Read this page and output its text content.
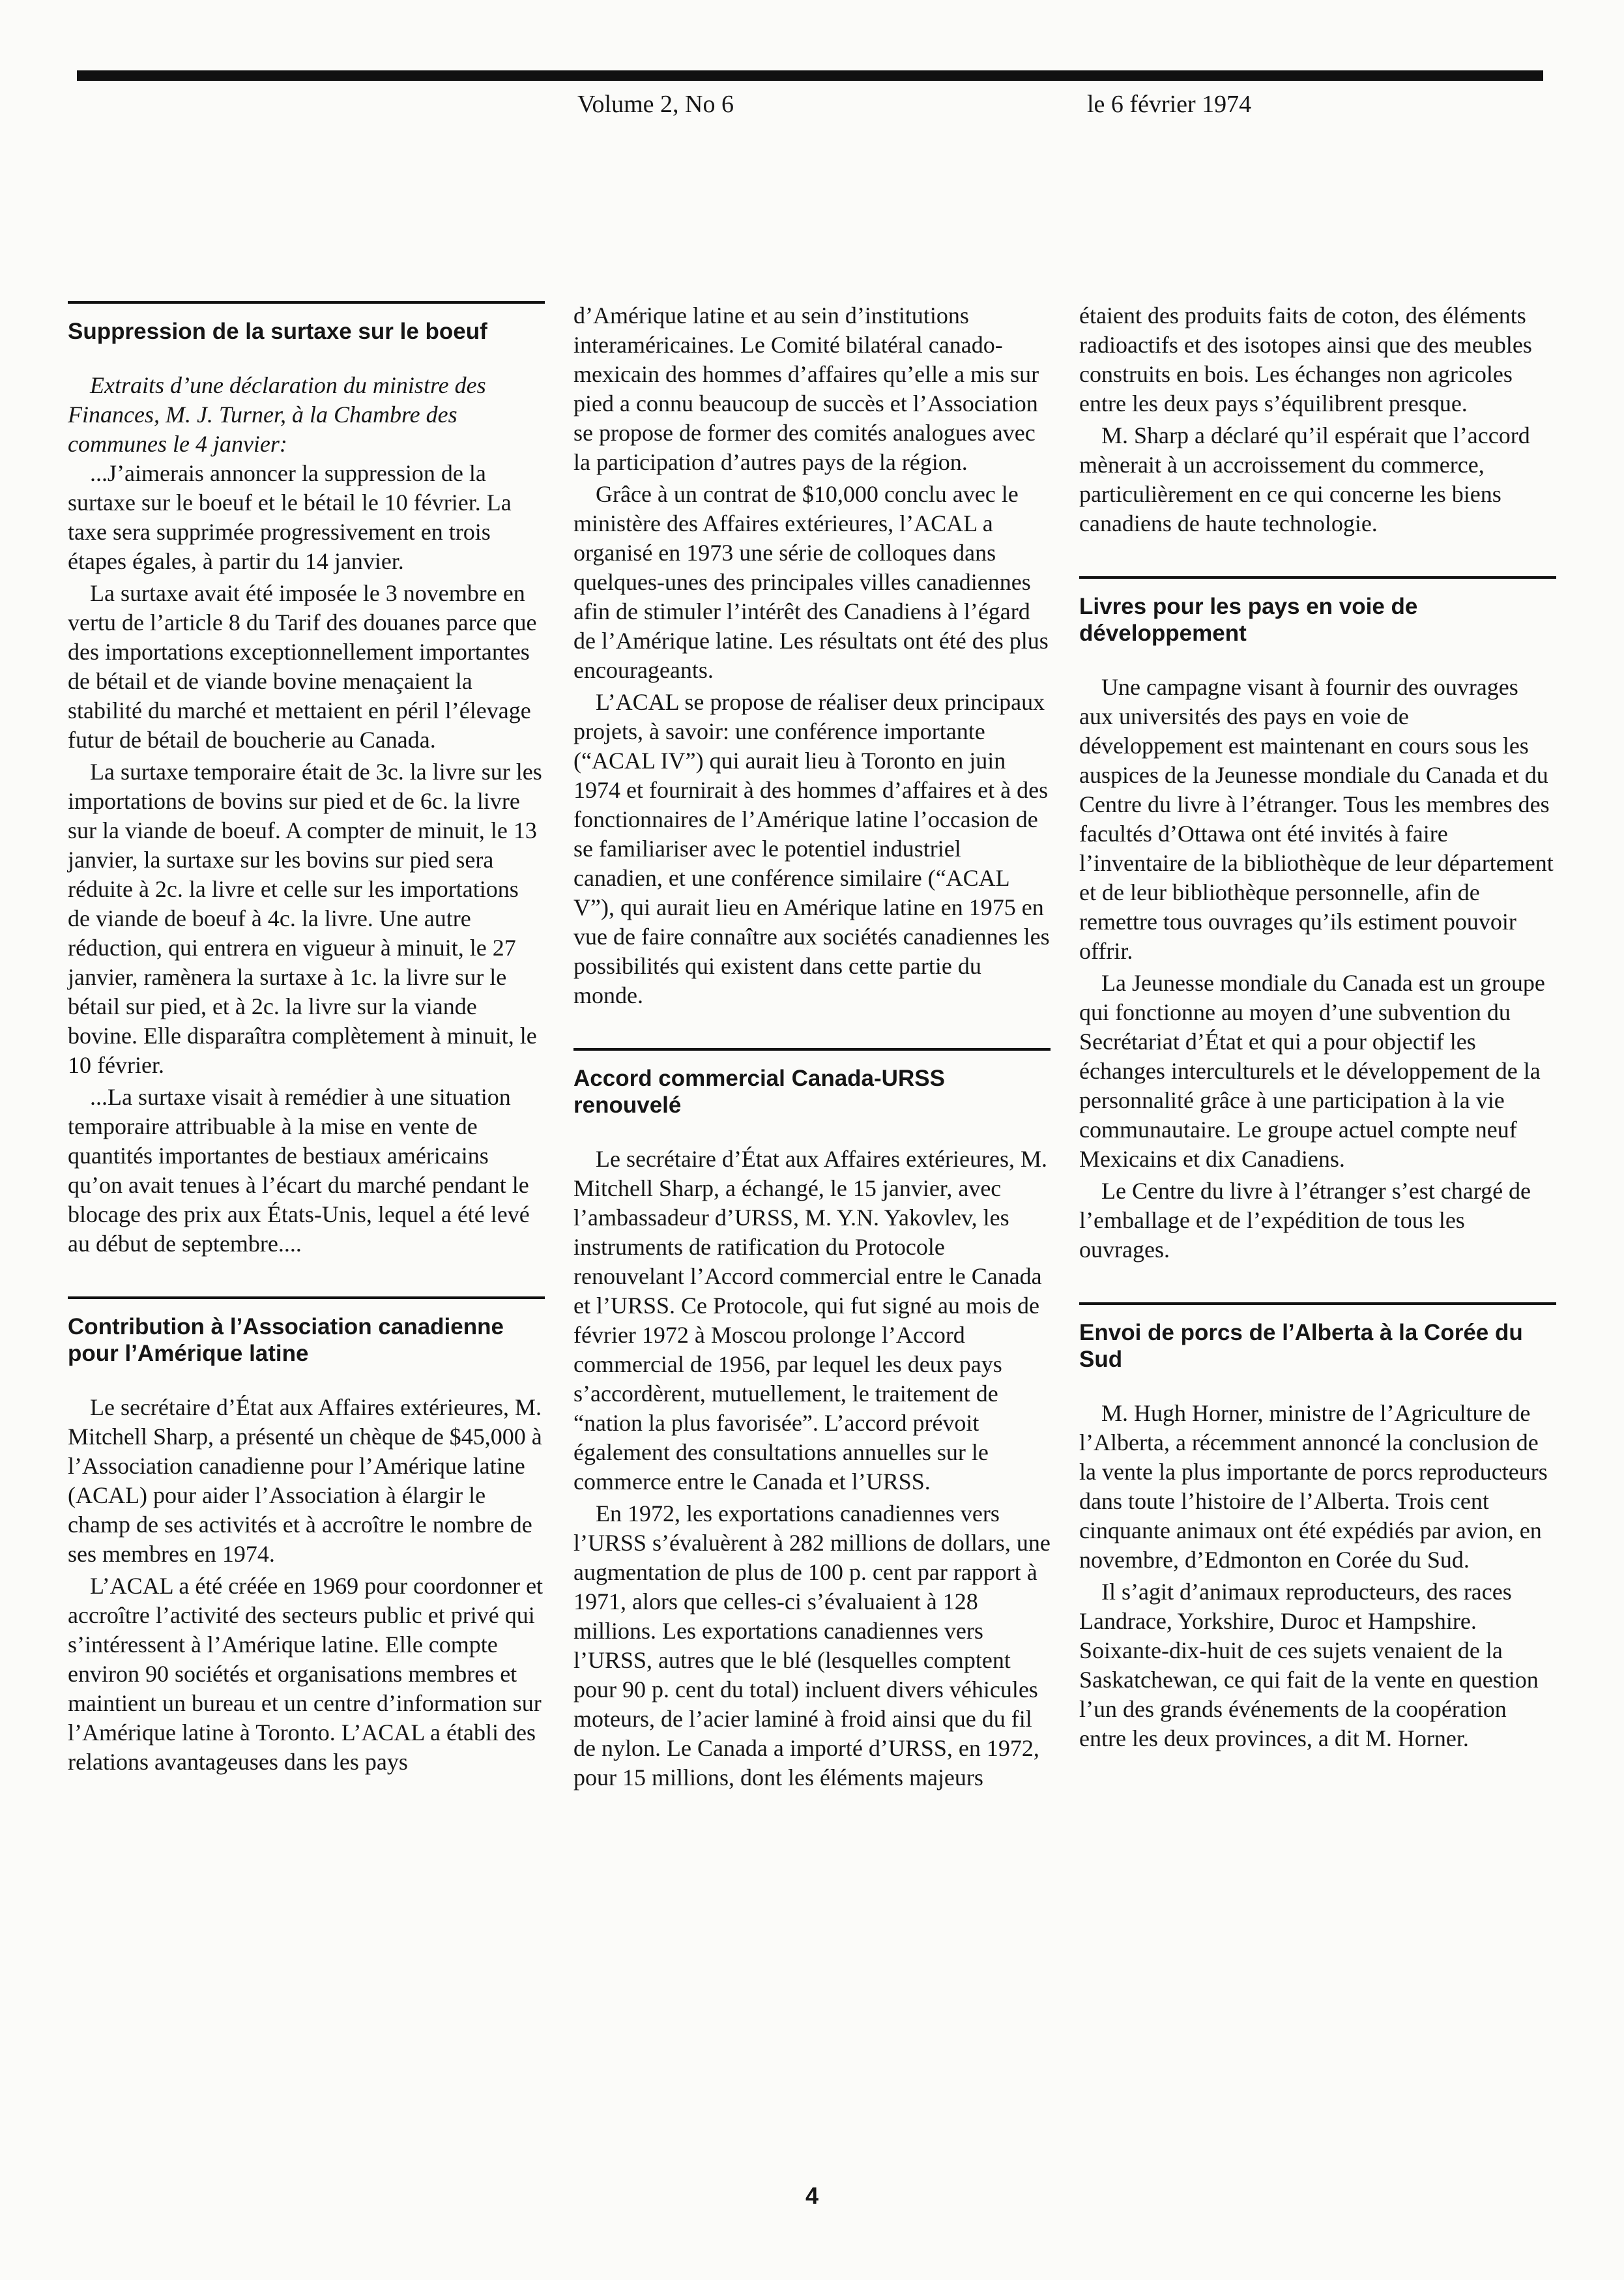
Volume 2, No 6	le 6 février 1974
Suppression de la surtaxe sur le boeuf

Extraits d’une déclaration du ministre des Finances, M. J. Turner, à la Chambre des communes le 4 janvier:

...J’aimerais annoncer la suppression de la surtaxe sur le boeuf et le bétail le 10 février. La taxe sera supprimée progressivement en trois étapes égales, à partir du 14 janvier.

La surtaxe avait été imposée le 3 novembre en vertu de l’article 8 du Tarif des douanes parce que des importations exceptionnellement importantes de bétail et de viande bovine menaçaient la stabilité du marché et mettaient en péril l’élevage futur de bétail de boucherie au Canada.

La surtaxe temporaire était de 3c. la livre sur les importations de bovins sur pied et de 6c. la livre sur la viande de boeuf. A compter de minuit, le 13 janvier, la surtaxe sur les bovins sur pied sera réduite à 2c. la livre et celle sur les importations de viande de boeuf à 4c. la livre. Une autre réduction, qui entrera en vigueur à minuit, le 27 janvier, ramènera la surtaxe à 1c. la livre sur le bétail sur pied, et à 2c. la livre sur la viande bovine. Elle disparaîtra complètement à minuit, le 10 février.

...La surtaxe visait à remédier à une situation temporaire attribuable à la mise en vente de quantités importantes de bestiaux américains qu’on avait tenues à l’écart du marché pendant le blocage des prix aux États-Unis, lequel a été levé au début de septembre....

Contribution à l’Association canadienne pour l’Amérique latine

Le secrétaire d’État aux Affaires extérieures, M. Mitchell Sharp, a présenté un chèque de $45,000 à l’Association canadienne pour l’Amérique latine (ACAL) pour aider l’Association à élargir le champ de ses activités et à accroître le nombre de ses membres en 1974.

L’ACAL a été créée en 1969 pour coordonner et accroître l’activité des secteurs public et privé qui s’intéressent à l’Amérique latine. Elle compte environ 90 sociétés et organisations membres et maintient un bureau et un centre d’information sur l’Amérique latine à Toronto. L’ACAL a établi des relations avantageuses dans les pays

d’Amérique latine et au sein d’institutions interaméricaines. Le Comité bilatéral canado-mexicain des hommes d’affaires qu’elle a mis sur pied a connu beaucoup de succès et l’Association se propose de former des comités analogues avec la participation d’autres pays de la région.

Grâce à un contrat de $10,000 conclu avec le ministère des Affaires extérieures, l’ACAL a organisé en 1973 une série de colloques dans quelques-unes des principales villes canadiennes afin de stimuler l’intérêt des Canadiens à l’égard de l’Amérique latine. Les résultats ont été des plus encourageants.

L’ACAL se propose de réaliser deux principaux projets, à savoir: une conférence importante (“ACAL IV”) qui aurait lieu à Toronto en juin 1974 et fournirait à des hommes d’affaires et à des fonctionnaires de l’Amérique latine l’occasion de se familiariser avec le potentiel industriel canadien, et une conférence similaire (“ACAL V”), qui aurait lieu en Amérique latine en 1975 en vue de faire connaître aux sociétés canadiennes les possibilités qui existent dans cette partie du monde.

Accord commercial Canada-URSS renouvelé

Le secrétaire d’État aux Affaires extérieures, M. Mitchell Sharp, a échangé, le 15 janvier, avec l’ambassadeur d’URSS, M. Y.N. Yakovlev, les instruments de ratification du Protocole renouvelant l’Accord commercial entre le Canada et l’URSS. Ce Protocole, qui fut signé au mois de février 1972 à Moscou prolonge l’Accord commercial de 1956, par lequel les deux pays s’accordèrent, mutuellement, le traitement de “nation la plus favorisée”. L’accord prévoit également des consultations annuelles sur le commerce entre le Canada et l’URSS.

En 1972, les exportations canadiennes vers l’URSS s’évaluèrent à 282 millions de dollars, une augmentation de plus de 100 p. cent par rapport à 1971, alors que celles-ci s’évaluaient à 128 millions. Les exportations canadiennes vers l’URSS, autres que le blé (lesquelles comptent pour 90 p. cent du total) incluent divers véhicules moteurs, de l’acier laminé à froid ainsi que du fil de nylon. Le Canada a importé d’URSS, en 1972, pour 15 millions, dont les éléments majeurs

étaient des produits faits de coton, des éléments radioactifs et des isotopes ainsi que des meubles construits en bois. Les échanges non agricoles entre les deux pays s’équilibrent presque.

M. Sharp a déclaré qu’il espérait que l’accord mènerait à un accroissement du commerce, particulièrement en ce qui concerne les biens canadiens de haute technologie.

Livres pour les pays en voie de développement

Une campagne visant à fournir des ouvrages aux universités des pays en voie de développement est maintenant en cours sous les auspices de la Jeunesse mondiale du Canada et du Centre du livre à l’étranger. Tous les membres des facultés d’Ottawa ont été invités à faire l’inventaire de la bibliothèque de leur département et de leur bibliothèque personnelle, afin de remettre tous ouvrages qu’ils estiment pouvoir offrir.

La Jeunesse mondiale du Canada est un groupe qui fonctionne au moyen d’une subvention du Secrétariat d’État et qui a pour objectif les échanges interculturels et le développement de la personnalité grâce à une participation à la vie communautaire. Le groupe actuel compte neuf Mexicains et dix Canadiens.

Le Centre du livre à l’étranger s’est chargé de l’emballage et de l’expédition de tous les ouvrages.

Envoi de porcs de l’Alberta à la Corée du Sud

M. Hugh Horner, ministre de l’Agriculture de l’Alberta, a récemment annoncé la conclusion de la vente la plus importante de porcs reproducteurs dans toute l’histoire de l’Alberta. Trois cent cinquante animaux ont été expédiés par avion, en novembre, d’Edmonton en Corée du Sud.

Il s’agit d’animaux reproducteurs, des races Landrace, Yorkshire, Duroc et Hampshire. Soixante-dix-huit de ces sujets venaient de la Saskatchewan, ce qui fait de la vente en question l’un des grands événements de la coopération entre les deux provinces, a dit M. Horner.

4
